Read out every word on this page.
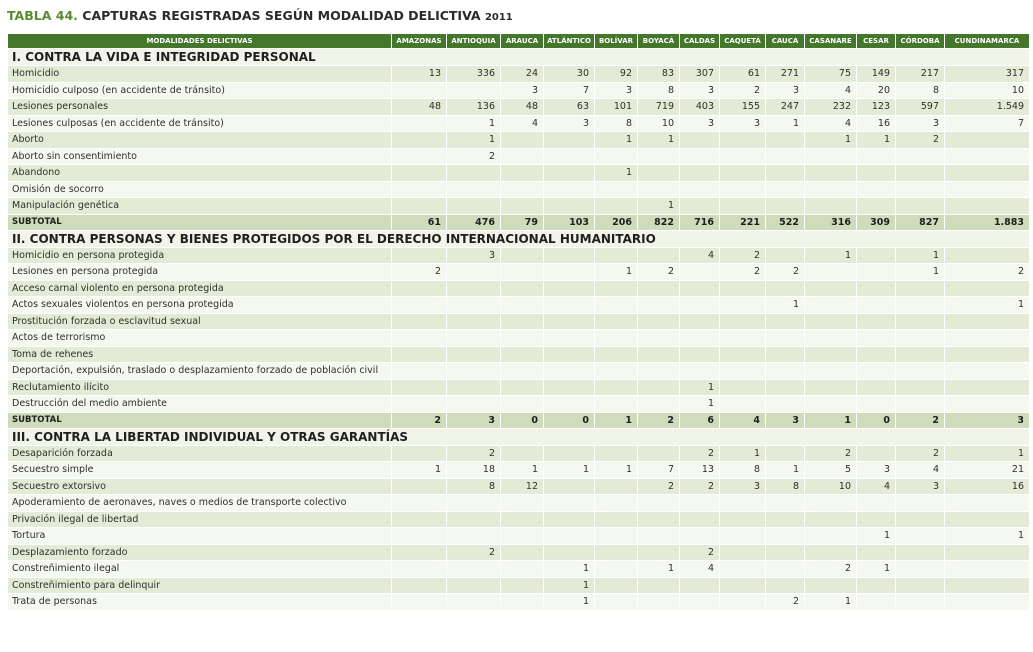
TABLA 44. CAPTURAS REGISTRADAS SEGÚN MODALIDAD DELICTIVA 2011
MODALIDADES DELICTIVAS	AMAZONAS	ANTIOQUIA	ARAUCA	ATLÁNTICO	BOLÍVAR	BOYACÁ	CALDAS	CAQUETÁ	CAUCA	CASANARE	CESAR	CÓRDOBA	CUNDINAMARCA
I. CONTRA LA VIDA E INTEGRIDAD PERSONAL													
Homicidio	13	336	24	30	92	83	307	61	271	75	149	217	317
Homicidio culposo (en accidente de tránsito)			3	7	3	8	3	2	3	4	20	8	10
Lesiones personales	48	136	48	63	101	719	403	155	247	232	123	597	1.549
Lesiones culposas (en accidente de tránsito)		1	4	3	8	10	3	3	1	4	16	3	7
Aborto		1			1	1				1	1	2	
Aborto sin consentimiento		2											
Abandono					1								
Omisión de socorro													
Manipulación genética						1							
SUBTOTAL	61	476	79	103	206	822	716	221	522	316	309	827	1.883
II. CONTRA PERSONAS Y BIENES PROTEGIDOS POR EL DERECHO INTERNACIONAL HUMANITARIO													
Homicidio en persona protegida		3					4	2		1		1	
Lesiones en persona protegida	2				1	2		2	2			1	2
Acceso carnal violento en persona protegida													
Actos sexuales violentos en persona protegida									1				1
Prostitución forzada o esclavitud sexual													
Actos de terrorismo													
Toma de rehenes													
Deportación, expulsión, traslado o desplazamiento forzado de población civil													
Reclutamiento ilícito							1						
Destrucción del medio ambiente							1						
SUBTOTAL	2	3	0	0	1	2	6	4	3	1	0	2	3
III. CONTRA LA LIBERTAD INDIVIDUAL Y OTRAS GARANTÍAS													
Desaparición forzada		2					2	1		2		2	1
Secuestro simple	1	18	1	1	1	7	13	8	1	5	3	4	21
Secuestro extorsivo		8	12			2	2	3	8	10	4	3	16
Apoderamiento de aeronaves, naves o medios de transporte colectivo													
Privación ilegal de libertad													
Tortura											1		1
Desplazamiento forzado		2					2						
Constreñimiento ilegal				1		1	4			2	1		
Constreñimiento para delinquir				1									
Trata de personas				1					2	1			
